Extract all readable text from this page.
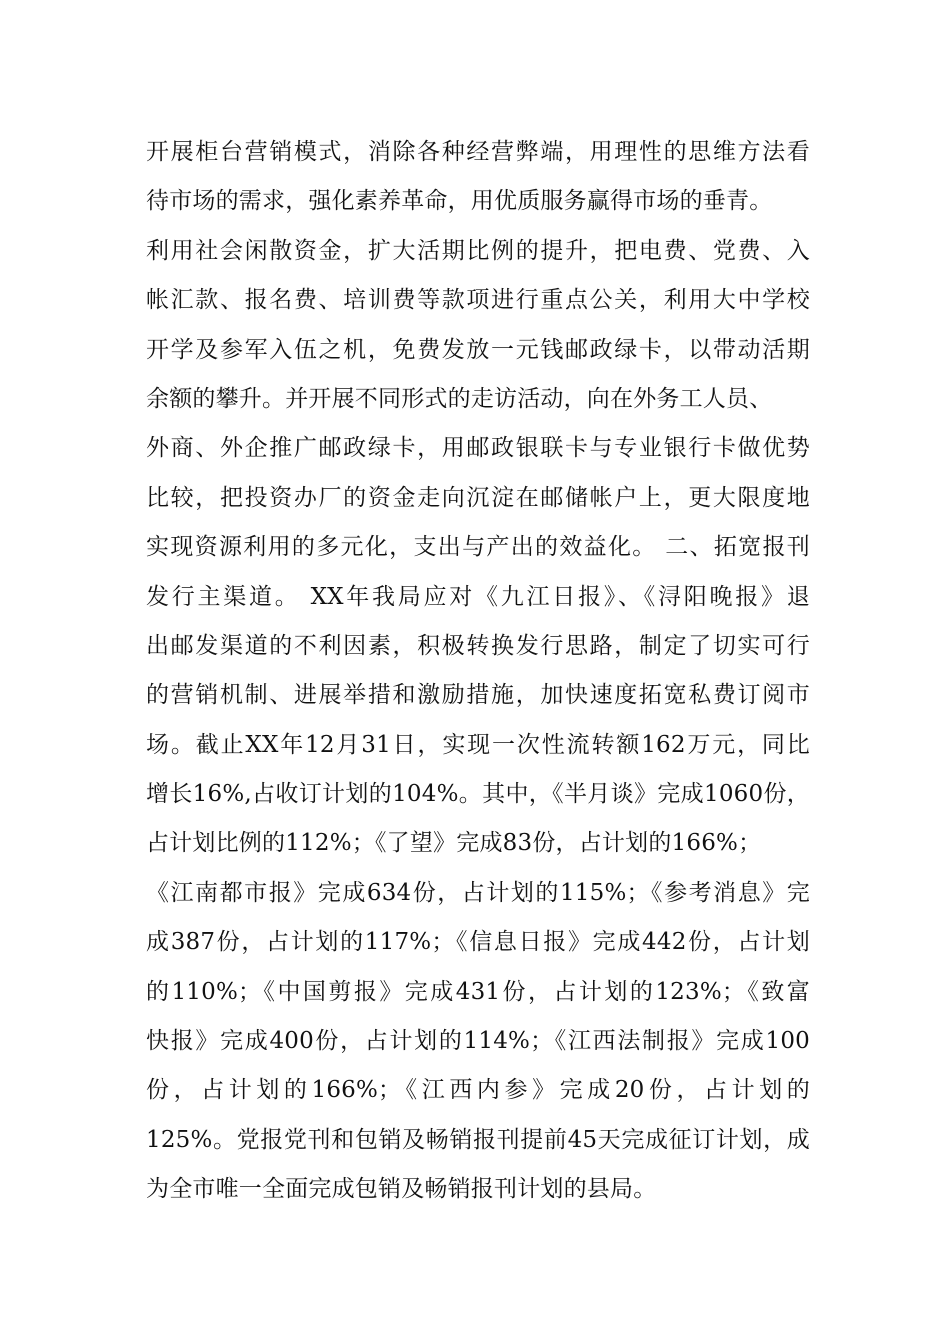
开展柜台营销模式，消除各种经营弊端，用理性的思维方法看
待市场的需求，强化素养革命，用优质服务赢得市场的垂青。
利用社会闲散资金，扩大活期比例的提升，把电费、党费、入
帐汇款、报名费、培训费等款项进行重点公关，利用大中学校
开学及参军入伍之机，免费发放一元钱邮政绿卡，以带动活期
余额的攀升。并开展不同形式的走访活动，向在外务工人员、
外商、外企推广邮政绿卡，用邮政银联卡与专业银行卡做优势
比较，把投资办厂的资金走向沉淀在邮储帐户上，更大限度地
实现资源利用的多元化，支出与产出的效益化。 二、拓宽报刊
发行主渠道。 XX年我局应对《九江日报》、《浔阳晚报》退
出邮发渠道的不利因素，积极转换发行思路，制定了切实可行
的营销机制、进展举措和激励措施，加快速度拓宽私费订阅市
场。截止XX年12月31日，实现一次性流转额162万元，同比
增长16%,占收订计划的104%。其中，《半月谈》完成1060份，
占计划比例的112%；《了望》完成83份，占计划的166%；
《江南都市报》完成634份，占计划的115%；《参考消息》完
成387份，占计划的117%；《信息日报》完成442份，占计划
的110%；《中国剪报》完成431份，占计划的123%；《致富
快报》完成400份，占计划的114%；《江西法制报》完成100
份，占计划的166%；《江西内参》完成20份，占计划的
125%。党报党刊和包销及畅销报刊提前45天完成征订计划，成
为全市唯一全面完成包销及畅销报刊计划的县局。
